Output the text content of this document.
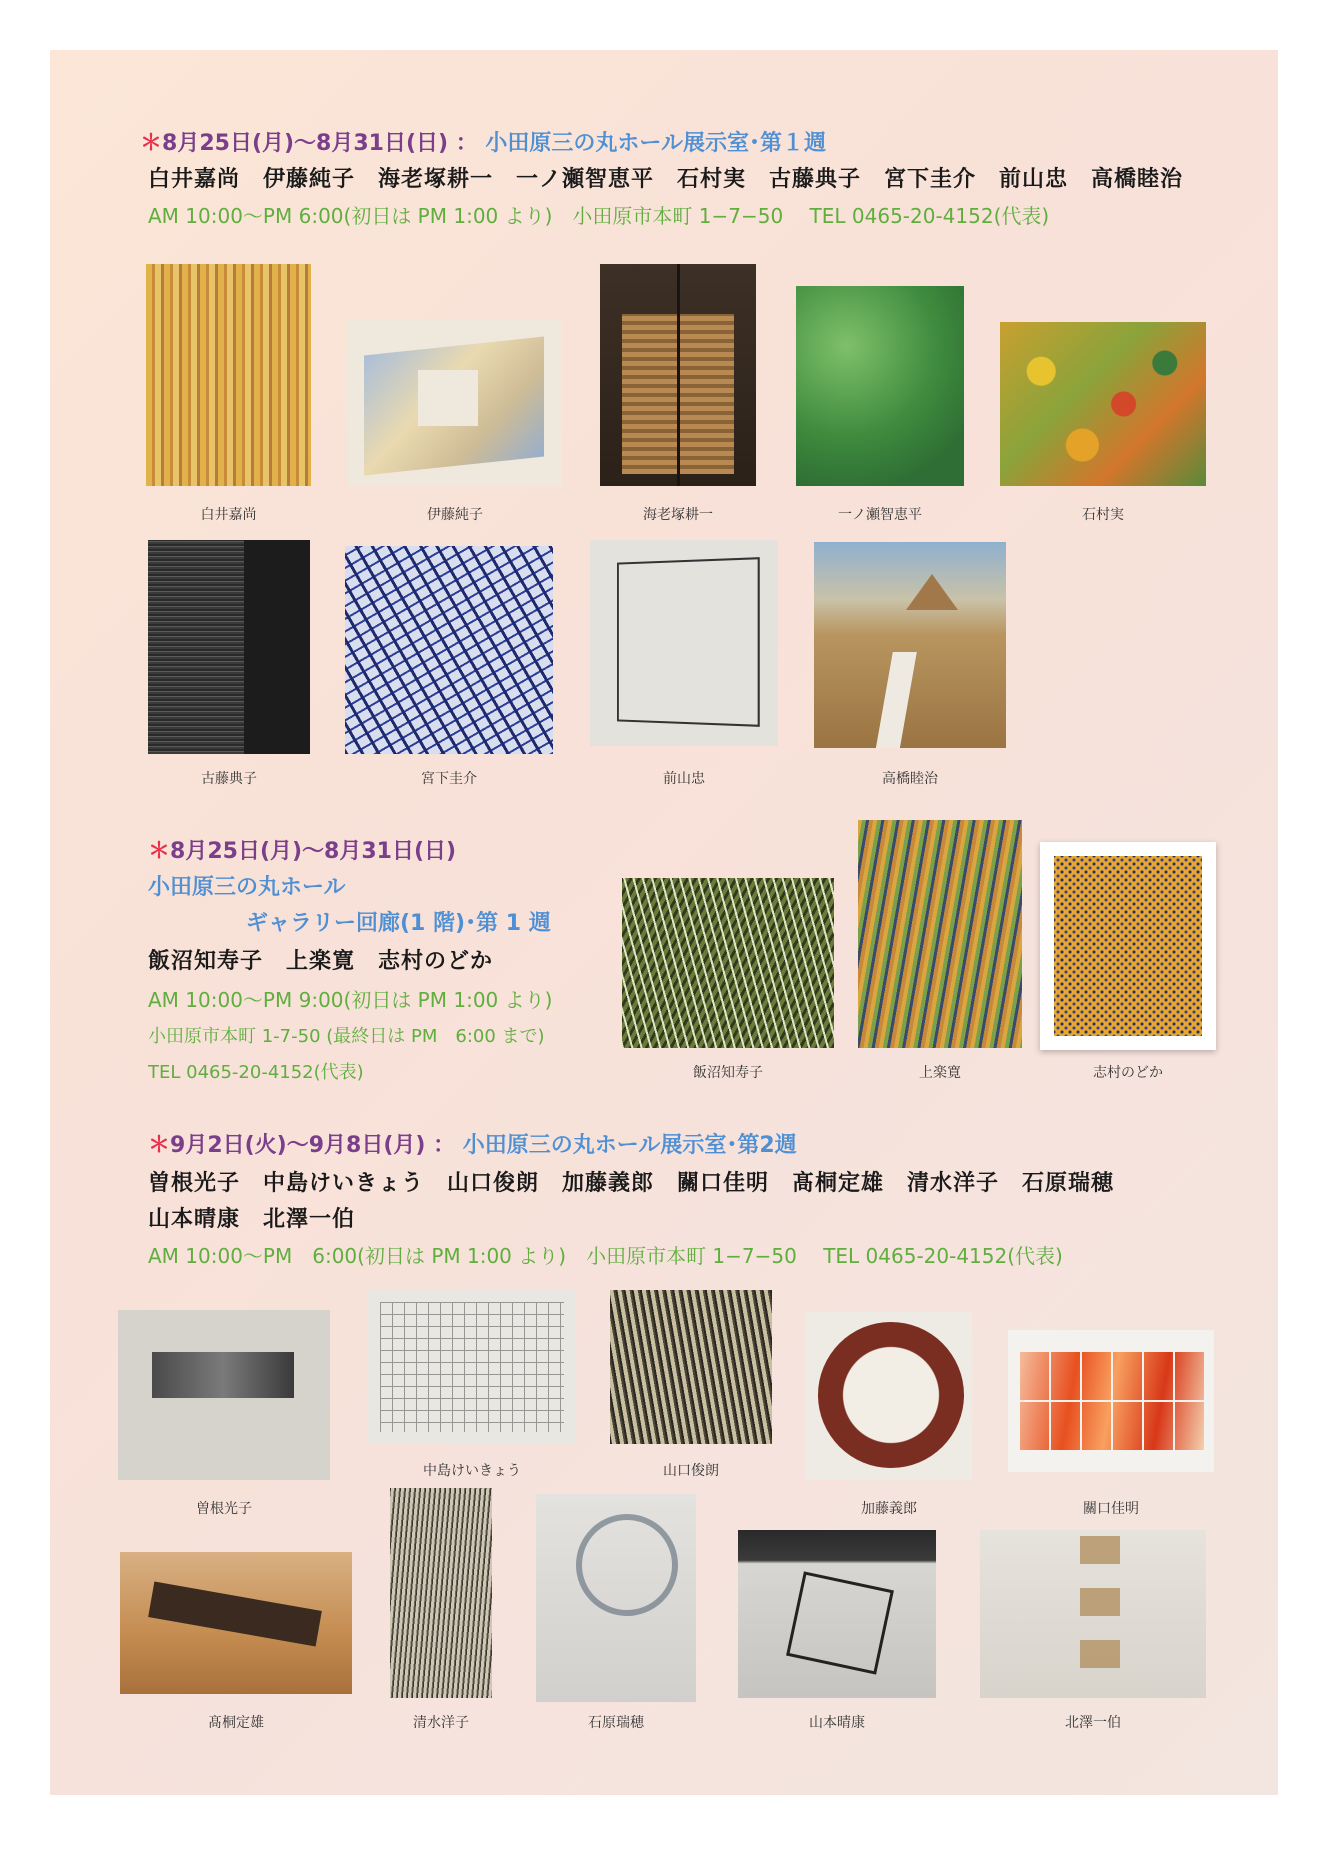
＊8月25日(月)～8月31日(日) ： 小田原三の丸ホール展示室･第１週
白井嘉尚　伊藤純子　海老塚耕一　一ノ瀬智恵平　石村実　古藤典子　宮下圭介　前山忠　高橋睦治
AM 10:00～PM 6:00(初日は PM 1:00 より)　小田原市本町 1−7−50　 TEL 0465-20-4152(代表)
白井嘉尚	伊藤純子	海老塚耕一	一ノ瀬智恵平	石村実
古藤典子	宮下圭介	前山忠	高橋睦治
＊8月25日(月)～8月31日(日)
小田原三の丸ホール
ギャラリー回廊(1 階)･第 1 週
飯沼知寿子　上楽寛　志村のどか
AM 10:00～PM 9:00(初日は PM 1:00 より)
小田原市本町 1-7-50 (最終日は PM　6:00 まで)
TEL 0465-20-4152(代表)	飯沼知寿子	上楽寛	志村のどか
＊9月2日(火)～9月8日(月) ： 小田原三の丸ホール展示室･第2週
曽根光子　中島けいきょう　山口俊朗　加藤義郎　關口佳明　髙桐定雄　清水洋子　石原瑞穂
山本晴康　北澤一伯
AM 10:00～PM　6:00(初日は PM 1:00 より)　小田原市本町 1−7−50　 TEL 0465-20-4152(代表)
曽根光子
中島けいきょう	山口俊朗
加藤義郎	關口佳明
髙桐定雄	清水洋子	石原瑞穂	山本晴康	北澤一伯
